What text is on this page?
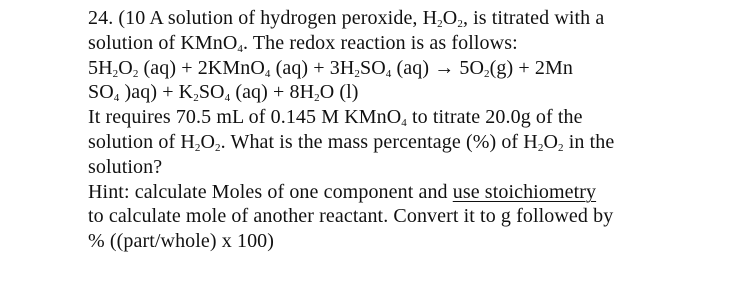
24. (10 A solution of hydrogen peroxide, $H_2O_2$, is titrated with a
solution of KMnO$_4$. The redox reaction is as follows:
$5H_2O_2$ (aq) + 2KMnO$_4$ $(aq) + 3H_2SO_4$ $(aq) \to 5O_2(g) + 2Mn$
$SO_4$ )$aq) + K_2SO_4$ $(aq) + 8H_2O$ (l)
It requires 70.5 mL of 0.145 M KMnO$_4$ to titrate 20.0g of the
solution of $H_2O_2$. What is the mass percentage (%) of $H_2O_2$ in the
solution?
Hint: calculate Moles of one component and use stoichiometry
to calculate mole of another reactant. Convert it to g followed by
% ((part/whole) x 100)
